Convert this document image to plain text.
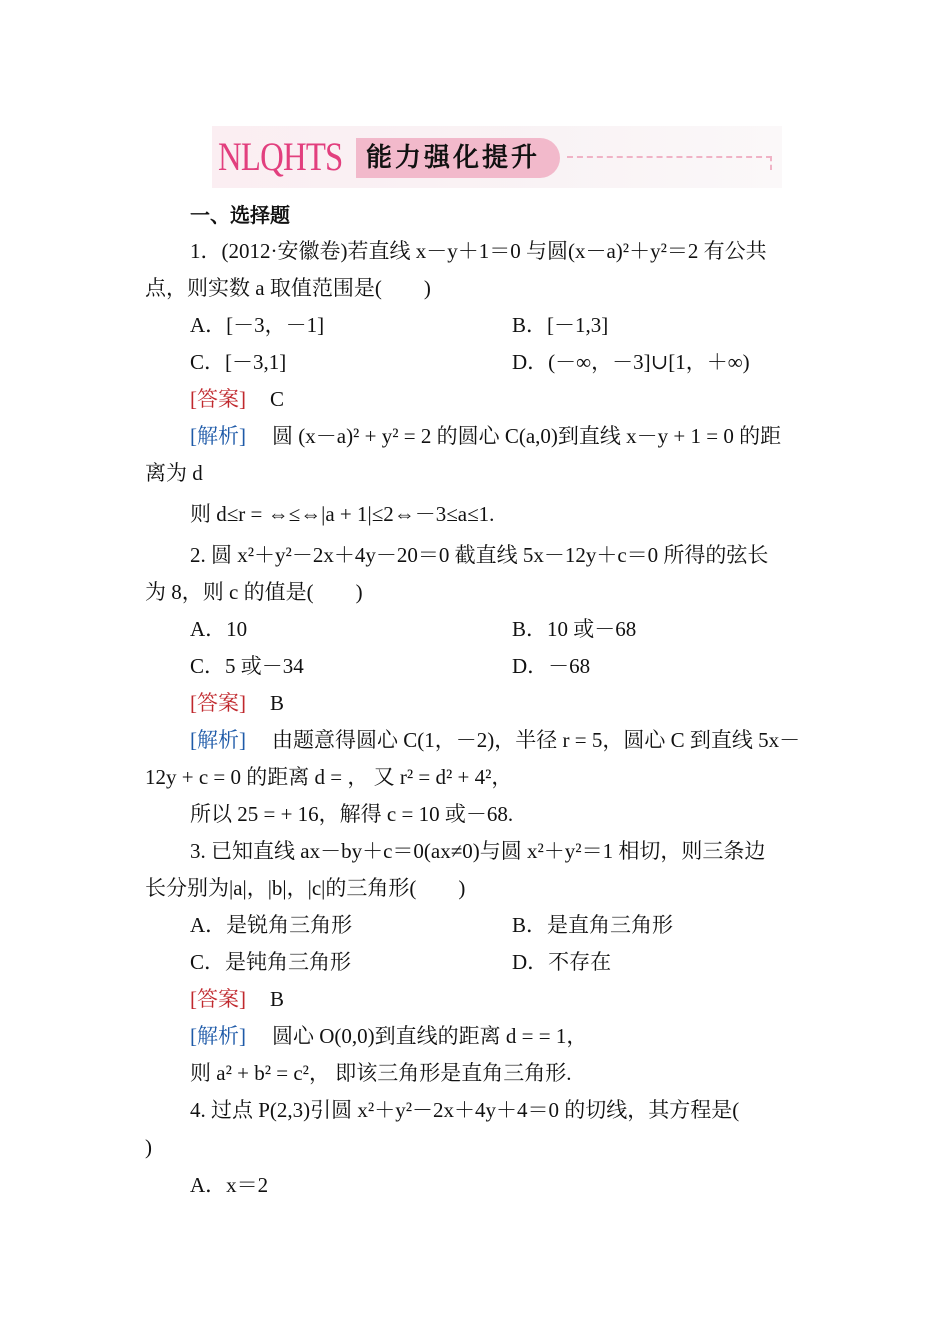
NLQHTS 能力强化提升
一、选择题
1．(2012·安徽卷)若直线 x－y＋1＝0 与圆(x－a)²＋y²＝2 有公共
点，则实数 a 取值范围是(　　)
A．[－3，－1]	B．[－1,3]
C．[－3,1]	D．(－∞，－3]∪[1，＋∞)
[答案] C
[解析] 圆 (x－a)² + y² = 2 的圆心 C(a,0)到直线 x－y + 1 = 0 的距
离为 d
则 d≤r = ⇔≤⇔|a + 1|≤2⇔－3≤a≤1.
2. 圆 x²＋y²－2x＋4y－20＝0 截直线 5x－12y＋c＝0 所得的弦长
为 8，则 c 的值是(　　)
A．10	B．10 或－68
C．5 或－34	D．－68
[答案] B
[解析] 由题意得圆心 C(1，－2)，半径 r = 5，圆心 C 到直线 5x－
12y + c = 0 的距离 d = ， 又 r² = d² + 4²，
所以 25 = + 16，解得 c = 10 或－68.
3. 已知直线 ax－by＋c＝0(ax≠0)与圆 x²＋y²＝1 相切，则三条边
长分别为|a|，|b|，|c|的三角形(　　)
A．是锐角三角形	B．是直角三角形
C．是钝角三角形	D．不存在
[答案] B
[解析] 圆心 O(0,0)到直线的距离 d = = 1，
则 a² + b² = c²， 即该三角形是直角三角形.
4. 过点 P(2,3)引圆 x²＋y²－2x＋4y＋4＝0 的切线，其方程是(
)
A．x＝2
